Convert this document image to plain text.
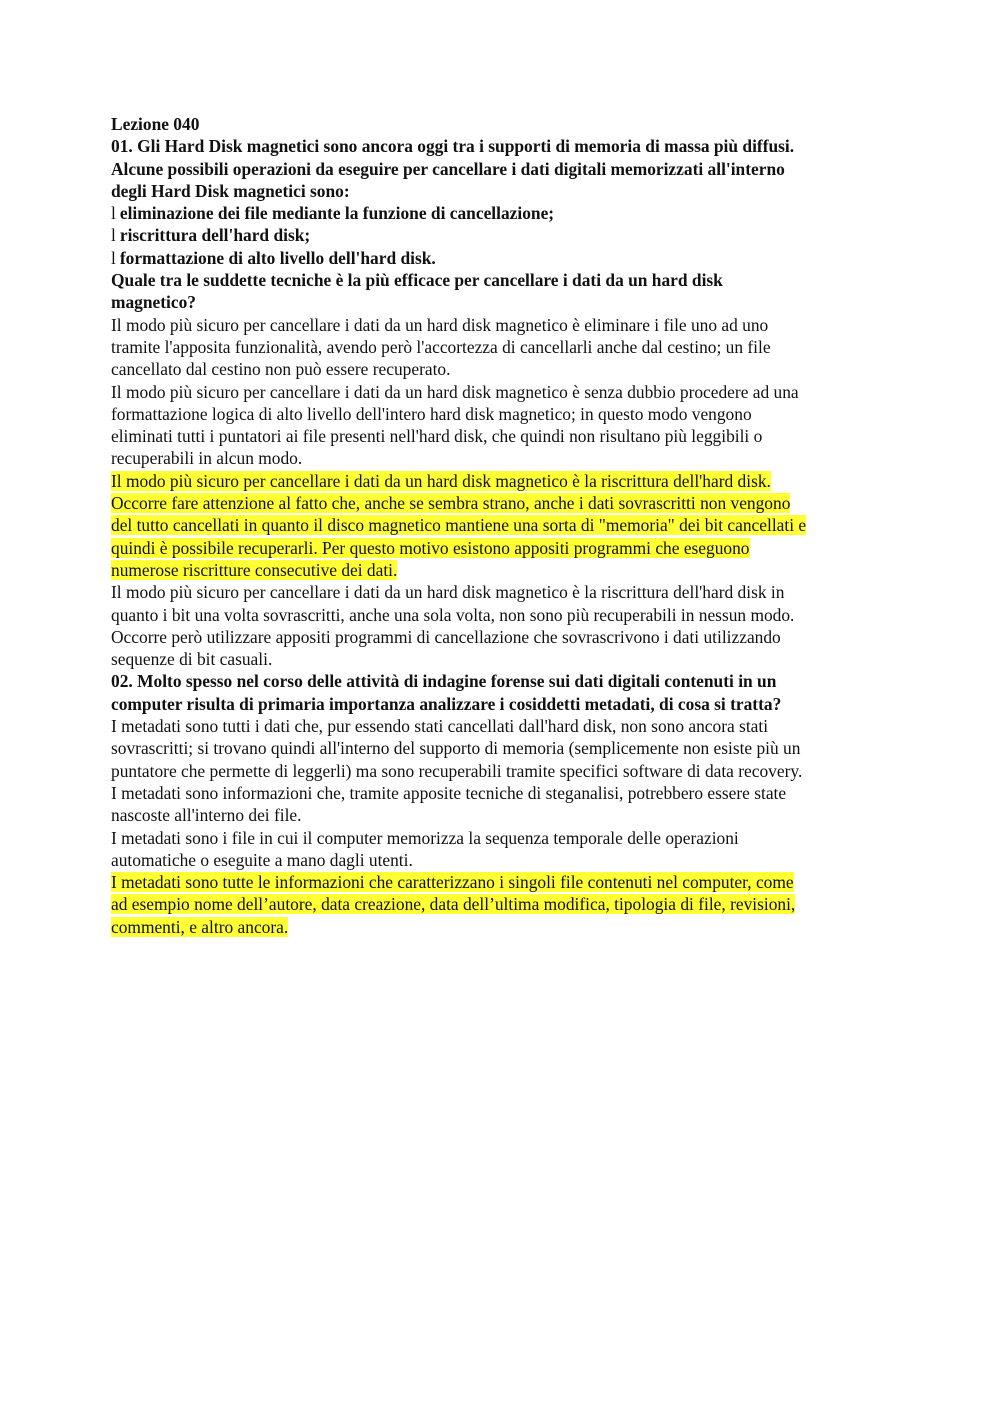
Lezione 040
01. Gli Hard Disk magnetici sono ancora oggi tra i supporti di memoria di massa più diffusi.
Alcune possibili operazioni da eseguire per cancellare i dati digitali memorizzati all'interno
degli Hard Disk magnetici sono:
l eliminazione dei file mediante la funzione di cancellazione;
l riscrittura dell'hard disk;
l formattazione di alto livello dell'hard disk.
Quale tra le suddette tecniche è la più efficace per cancellare i dati da un hard disk
magnetico?
Il modo più sicuro per cancellare i dati da un hard disk magnetico è eliminare i file uno ad uno
tramite l'apposita funzionalità, avendo però l'accortezza di cancellarli anche dal cestino; un file
cancellato dal cestino non può essere recuperato.
Il modo più sicuro per cancellare i dati da un hard disk magnetico è senza dubbio procedere ad una
formattazione logica di alto livello dell'intero hard disk magnetico; in questo modo vengono
eliminati tutti i puntatori ai file presenti nell'hard disk, che quindi non risultano più leggibili o
recuperabili in alcun modo.
Il modo più sicuro per cancellare i dati da un hard disk magnetico è la riscrittura dell'hard disk.
Occorre fare attenzione al fatto che, anche se sembra strano, anche i dati sovrascritti non vengono
del tutto cancellati in quanto il disco magnetico mantiene una sorta di "memoria" dei bit cancellati e
quindi è possibile recuperarli. Per questo motivo esistono appositi programmi che eseguono
numerose riscritture consecutive dei dati.
Il modo più sicuro per cancellare i dati da un hard disk magnetico è la riscrittura dell'hard disk in
quanto i bit una volta sovrascritti, anche una sola volta, non sono più recuperabili in nessun modo.
Occorre però utilizzare appositi programmi di cancellazione che sovrascrivono i dati utilizzando
sequenze di bit casuali.
02. Molto spesso nel corso delle attività di indagine forense sui dati digitali contenuti in un
computer risulta di primaria importanza analizzare i cosiddetti metadati, di cosa si tratta?
I metadati sono tutti i dati che, pur essendo stati cancellati dall'hard disk, non sono ancora stati
sovrascritti; si trovano quindi all'interno del supporto di memoria (semplicemente non esiste più un
puntatore che permette di leggerli) ma sono recuperabili tramite specifici software di data recovery.
I metadati sono informazioni che, tramite apposite tecniche di steganalisi, potrebbero essere state
nascoste all'interno dei file.
I metadati sono i file in cui il computer memorizza la sequenza temporale delle operazioni
automatiche o eseguite a mano dagli utenti.
I metadati sono tutte le informazioni che caratterizzano i singoli file contenuti nel computer, come
ad esempio nome dell’autore, data creazione, data dell’ultima modifica, tipologia di file, revisioni,
commenti, e altro ancora.
